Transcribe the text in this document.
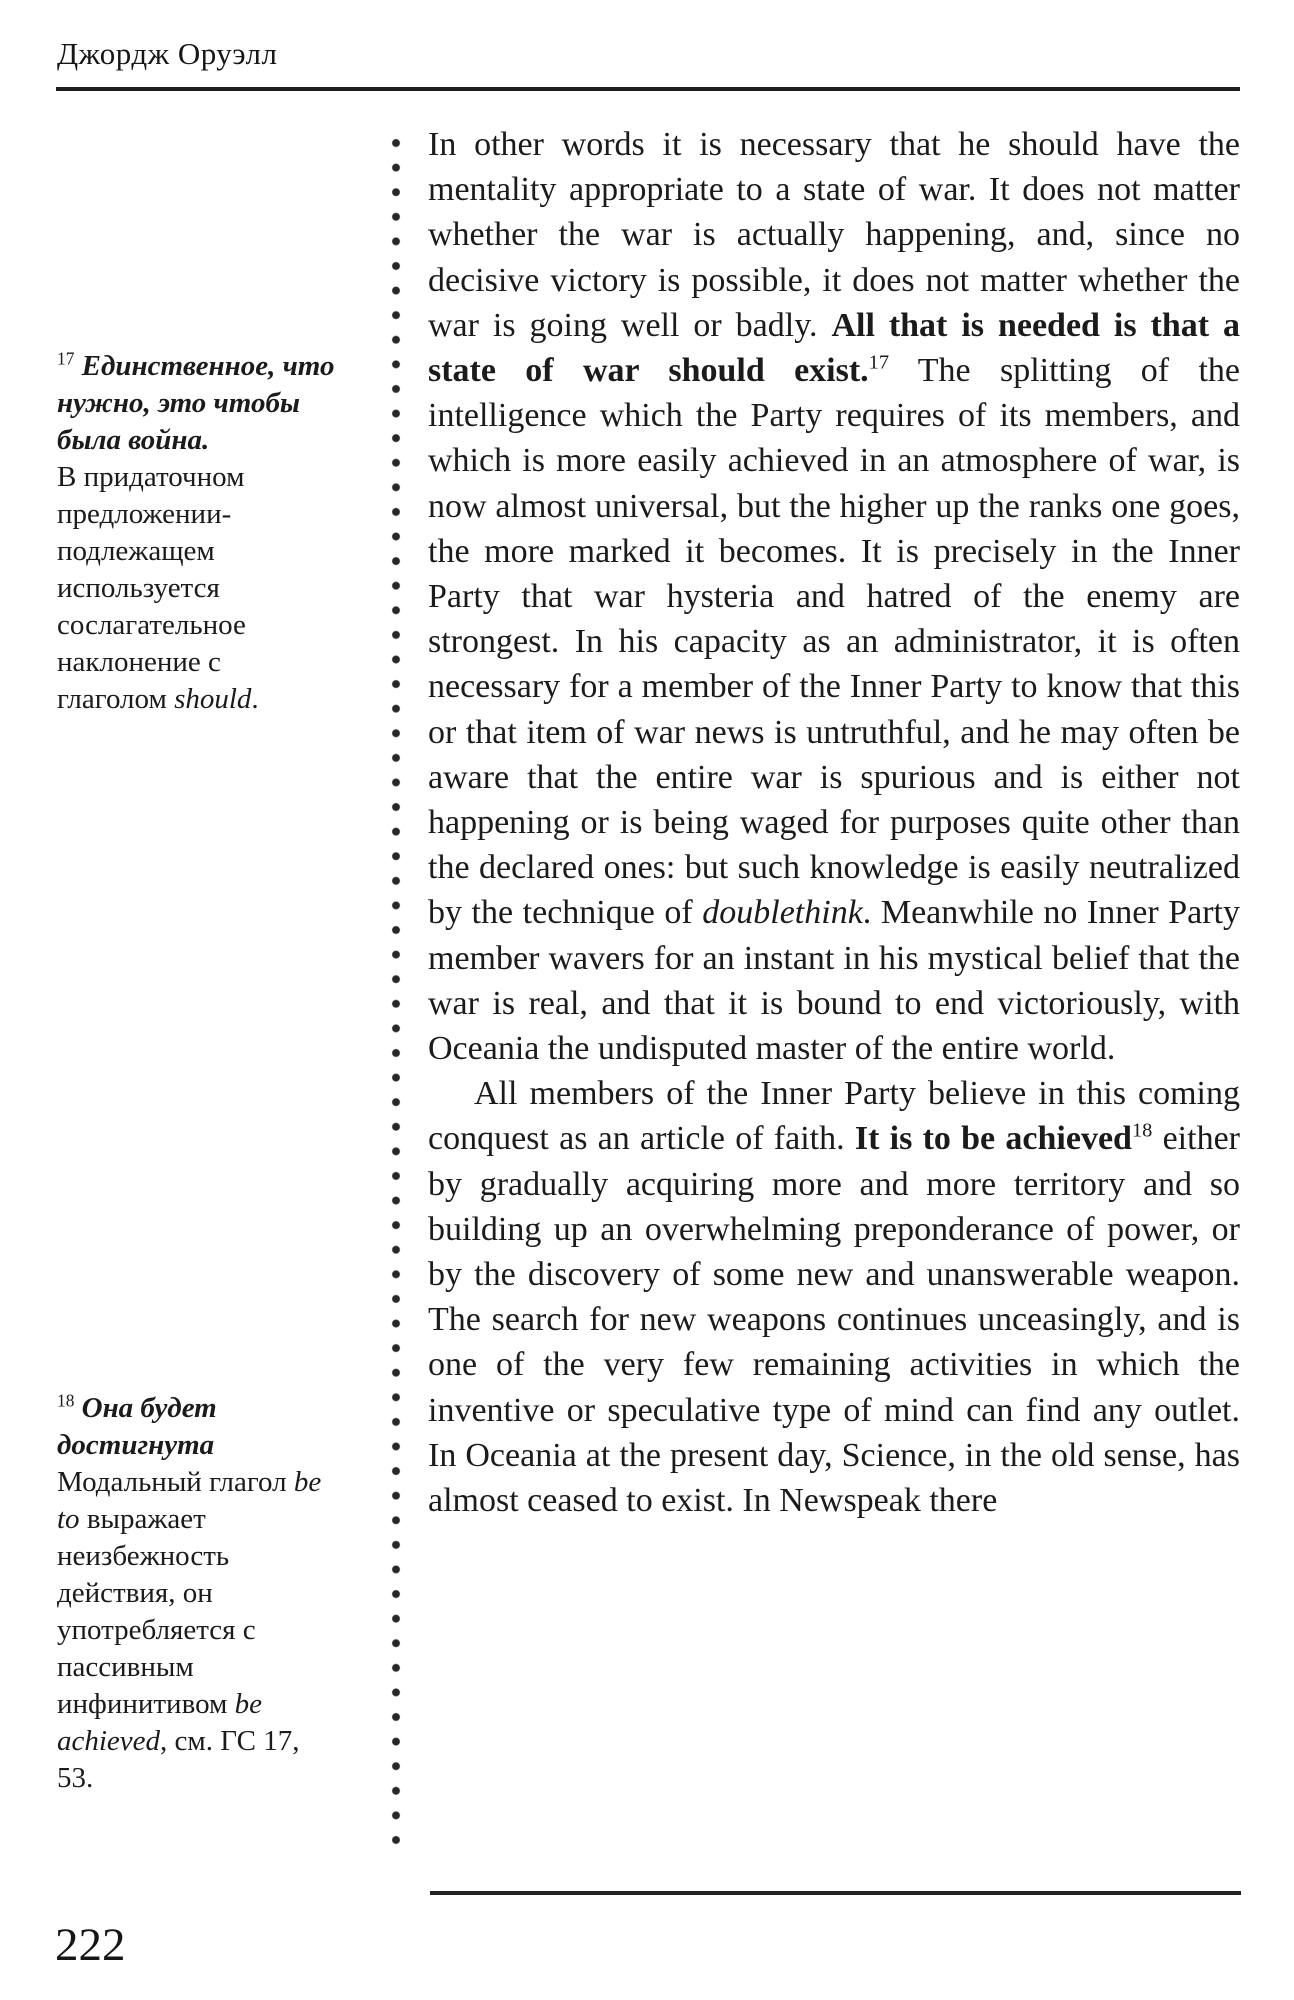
Джордж Оруэлл
$^{17}$ Единственное, что нужно, это чтобы была война.
В придаточном предложении-подлежащем используется сослагательное наклонение с глаголом should.
$^{18}$ Она будет достигнута
Модальный глагол be to выражает неизбежность действия, он употребляется с пассивным инфинитивом be achieved, см. ГС 17, 53.

In other words it is necessary that he should have the mentality appropriate to a state of war. It does not matter whether the war is actually happening, and, since no decisive victory is possible, it does not matter whether the war is going well or badly. All that is needed is that a state of war should exist.$^{17}$ The splitting of the intelligence which the Party requires of its members, and which is more easily achieved in an atmosphere of war, is now almost universal, but the higher up the ranks one goes, the more marked it becomes. It is precisely in the Inner Party that war hysteria and hatred of the enemy are strongest. In his capacity as an administrator, it is often necessary for a member of the Inner Party to know that this or that item of war news is untruthful, and he may often be aware that the entire war is spurious and is either not happening or is being waged for purposes quite other than the declared ones: but such knowledge is easily neutralized by the technique of doublethink. Meanwhile no Inner Party member wavers for an instant in his mystical belief that the war is real, and that it is bound to end victoriously, with Oceania the undisputed master of the entire world.

All members of the Inner Party believe in this coming conquest as an article of faith. It is to be achieved$^{18}$ either by gradually acquiring more and more territory and so building up an overwhelming preponderance of power, or by the discovery of some new and unanswerable weapon. The search for new weapons continues unceasingly, and is one of the very few remaining activities in which the inventive or speculative type of mind can find any outlet. In Oceania at the present day, Science, in the old sense, has almost ceased to exist. In Newspeak there

222
